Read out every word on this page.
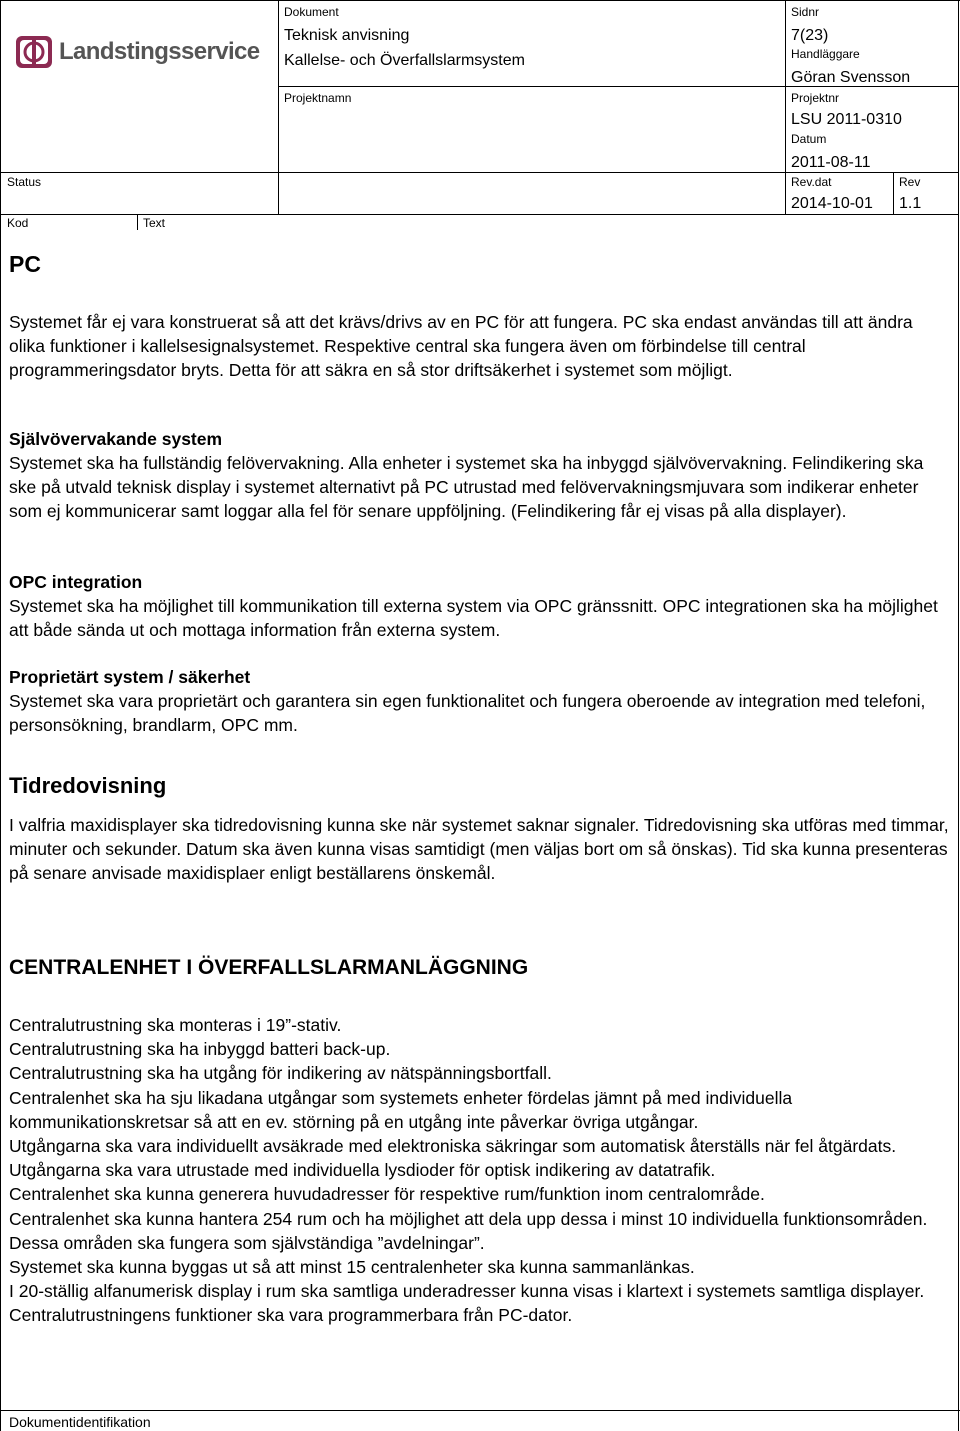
Landstingsservice
Dokument
Teknisk anvisning
Kallelse- och Överfallslarmsystem
Projektnamn
Sidnr
7(23)
Handläggare
Göran Svensson
Projektnr
LSU 2011-0310
Datum
2011-08-11
Status	Rev.dat
2014-10-01
Rev
1.1
Kod	Text
PC

Systemet får ej vara konstruerat så att det krävs/drivs av en PC för att fungera. PC ska endast användas till att ändra olika funktioner i kallelsesignalsystemet. Respektive central ska fungera även om förbindelse till central programmeringsdator bryts. Detta för att säkra en så stor driftsäkerhet i systemet som möjligt.

Självövervakande system

Systemet ska ha fullständig felövervakning. Alla enheter i systemet ska ha inbyggd självövervakning. Felindikering ska ske på utvald teknisk display i systemet alternativt på PC utrustad med felövervakningsmjuvara som indikerar enheter som ej kommunicerar samt loggar alla fel för senare uppföljning. (Felindikering får ej visas på alla displayer).

OPC integration

Systemet ska ha möjlighet till kommunikation till externa system via OPC gränssnitt. OPC integrationen ska ha möjlighet att både sända ut och mottaga information från externa system.

Proprietärt system / säkerhet

Systemet ska vara proprietärt och garantera sin egen funktionalitet och fungera oberoende av integration med telefoni, personsökning, brandlarm, OPC mm.

Tidredovisning

I valfria maxidisplayer ska tidredovisning kunna ske när systemet saknar signaler. Tidredovisning ska utföras med timmar, minuter och sekunder. Datum ska även kunna visas samtidigt (men väljas bort om så önskas). Tid ska kunna presenteras på senare anvisade maxidisplaer enligt beställarens önskemål.

CENTRALENHET I ÖVERFALLSLARMANLÄGGNING

Centralutrustning ska monteras i 19”-stativ.

Centralutrustning ska ha inbyggd batteri back-up.

Centralutrustning ska ha utgång för indikering av nätspänningsbortfall.

Centralenhet ska ha sju likadana utgångar som systemets enheter fördelas jämnt på med individuella kommunikationskretsar så att en ev. störning på en utgång inte påverkar övriga utgångar.

Utgångarna ska vara individuellt avsäkrade med elektroniska säkringar som automatisk återställs när fel åtgärdats.

Utgångarna ska vara utrustade med individuella lysdioder för optisk indikering av datatrafik.

Centralenhet ska kunna generera huvudadresser för respektive rum/funktion inom centralområde.

Centralenhet ska kunna hantera 254 rum och ha möjlighet att dela upp dessa i minst 10 individuella funktionsområden. Dessa områden ska fungera som självständiga ”avdelningar”.

Systemet ska kunna byggas ut så att minst 15 centralenheter ska kunna sammanlänkas.

I 20-ställig alfanumerisk display i rum ska samtliga underadresser kunna visas i klartext i systemets samtliga displayer.

Centralutrustningens funktioner ska vara programmerbara från PC-dator.

Dokumentidentifikation
